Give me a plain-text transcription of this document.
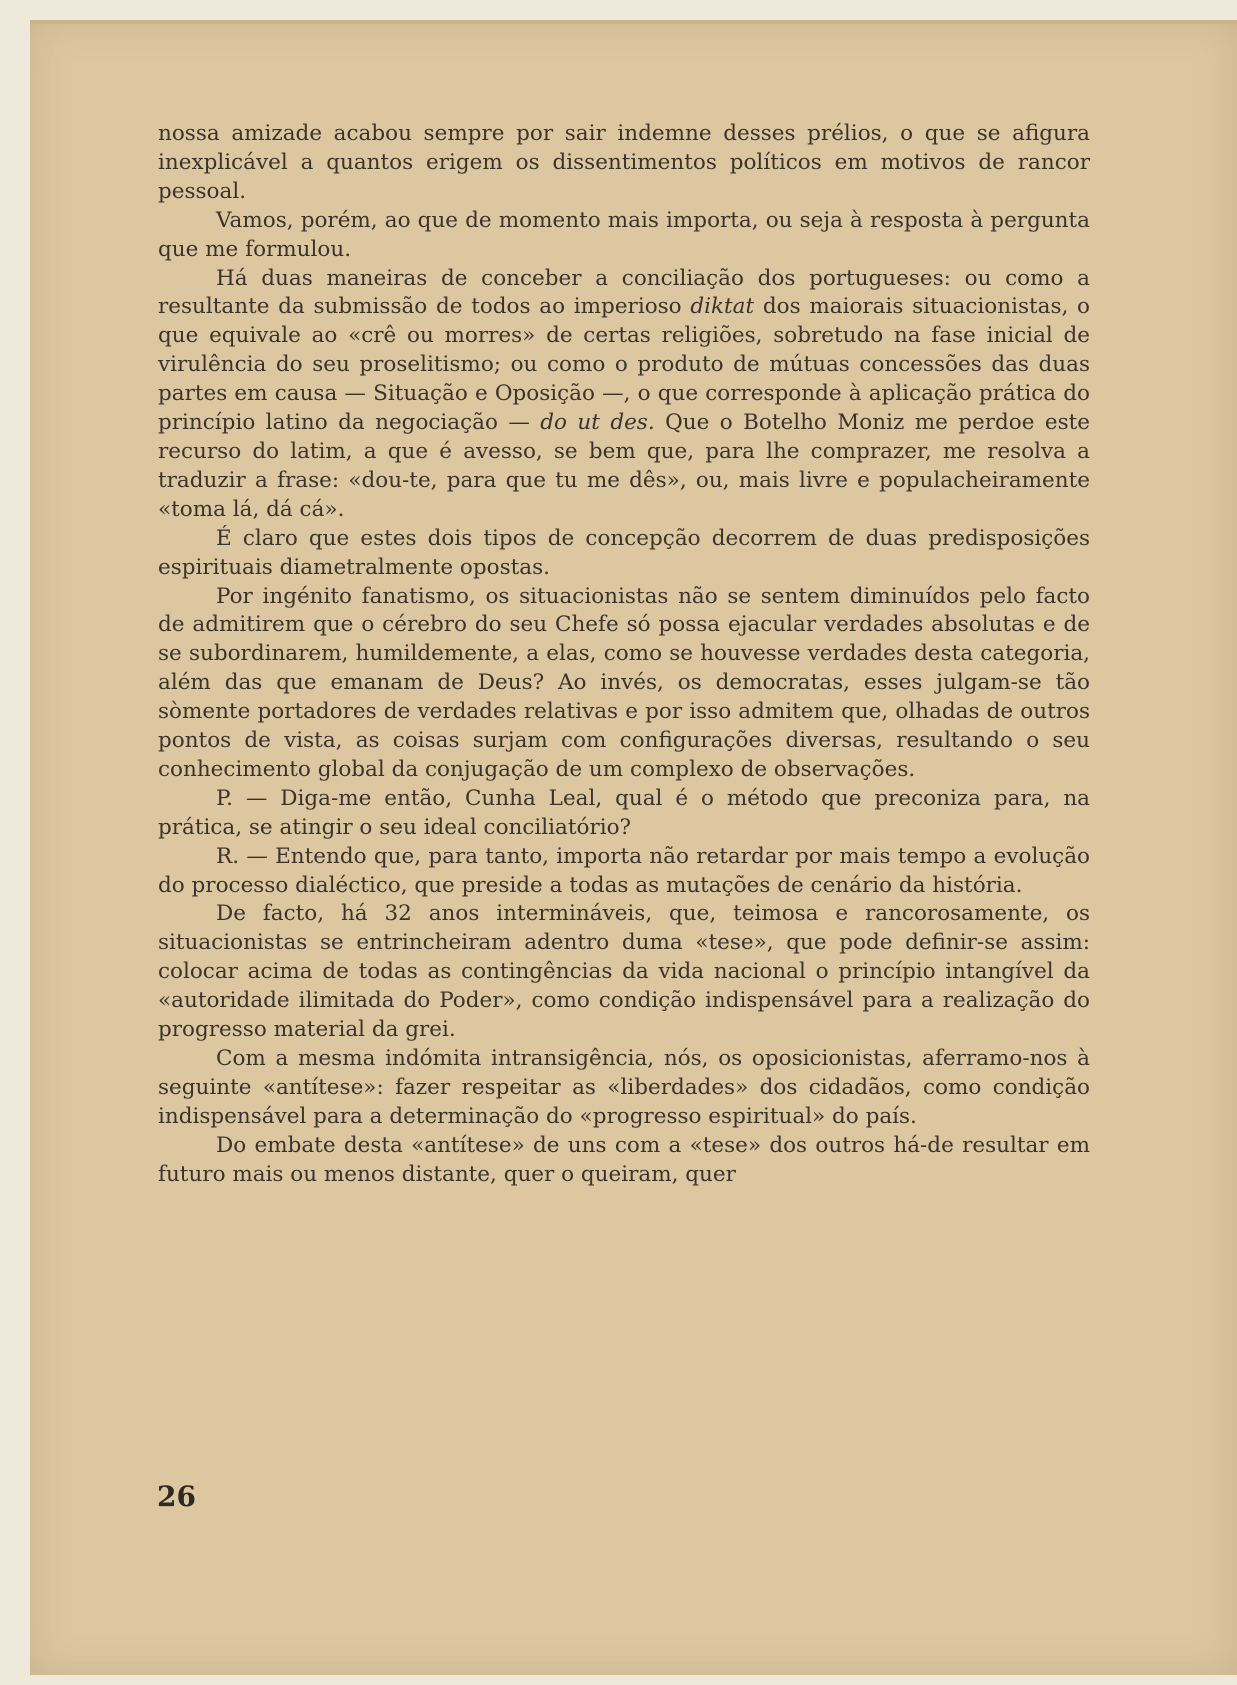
nossa amizade acabou sempre por sair indemne desses prélios, o que se afigura inexplicável a quantos erigem os dissentimentos políticos em motivos de rancor pessoal.

Vamos, porém, ao que de momento mais importa, ou seja à resposta à pergunta que me formulou.

Há duas maneiras de conceber a conciliação dos portugueses: ou como a resultante da submissão de todos ao imperioso diktat dos maiorais situacionistas, o que equivale ao «crê ou morres» de certas religiões, sobretudo na fase inicial de virulência do seu proselitismo; ou como o produto de mútuas concessões das duas partes em causa — Situação e Oposição —, o que corresponde à aplicação prática do princípio latino da negociação — do ut des. Que o Botelho Moniz me perdoe este recurso do latim, a que é avesso, se bem que, para lhe comprazer, me resolva a traduzir a frase: «dou-te, para que tu me dês», ou, mais livre e populacheiramente «toma lá, dá cá».

É claro que estes dois tipos de concepção decorrem de duas predisposições espirituais diametralmente opostas.

Por ingénito fanatismo, os situacionistas não se sentem diminuídos pelo facto de admitirem que o cérebro do seu Chefe só possa ejacular verdades absolutas e de se subordinarem, humildemente, a elas, como se houvesse verdades desta categoria, além das que emanam de Deus? Ao invés, os democratas, esses julgam-se tão sòmente portadores de verdades relativas e por isso admitem que, olhadas de outros pontos de vista, as coisas surjam com configurações diversas, resultando o seu conhecimento global da conjugação de um complexo de observações.

P. — Diga-me então, Cunha Leal, qual é o método que preconiza para, na prática, se atingir o seu ideal conciliatório?

R. — Entendo que, para tanto, importa não retardar por mais tempo a evolução do processo dialéctico, que preside a todas as mutações de cenário da história.

De facto, há 32 anos intermináveis, que, teimosa e rancorosamente, os situacionistas se entrincheiram adentro duma «tese», que pode definir-se assim: colocar acima de todas as contingências da vida nacional o princípio intangível da «autoridade ilimitada do Poder», como condição indispensável para a realização do progresso material da grei.

Com a mesma indómita intransigência, nós, os oposicionistas, aferramo-nos à seguinte «antítese»: fazer respeitar as «liberdades» dos cidadãos, como condição indispensável para a determinação do «progresso espiritual» do país.

Do embate desta «antítese» de uns com a «tese» dos outros há-de resultar em futuro mais ou menos distante, quer o queiram, quer

26
